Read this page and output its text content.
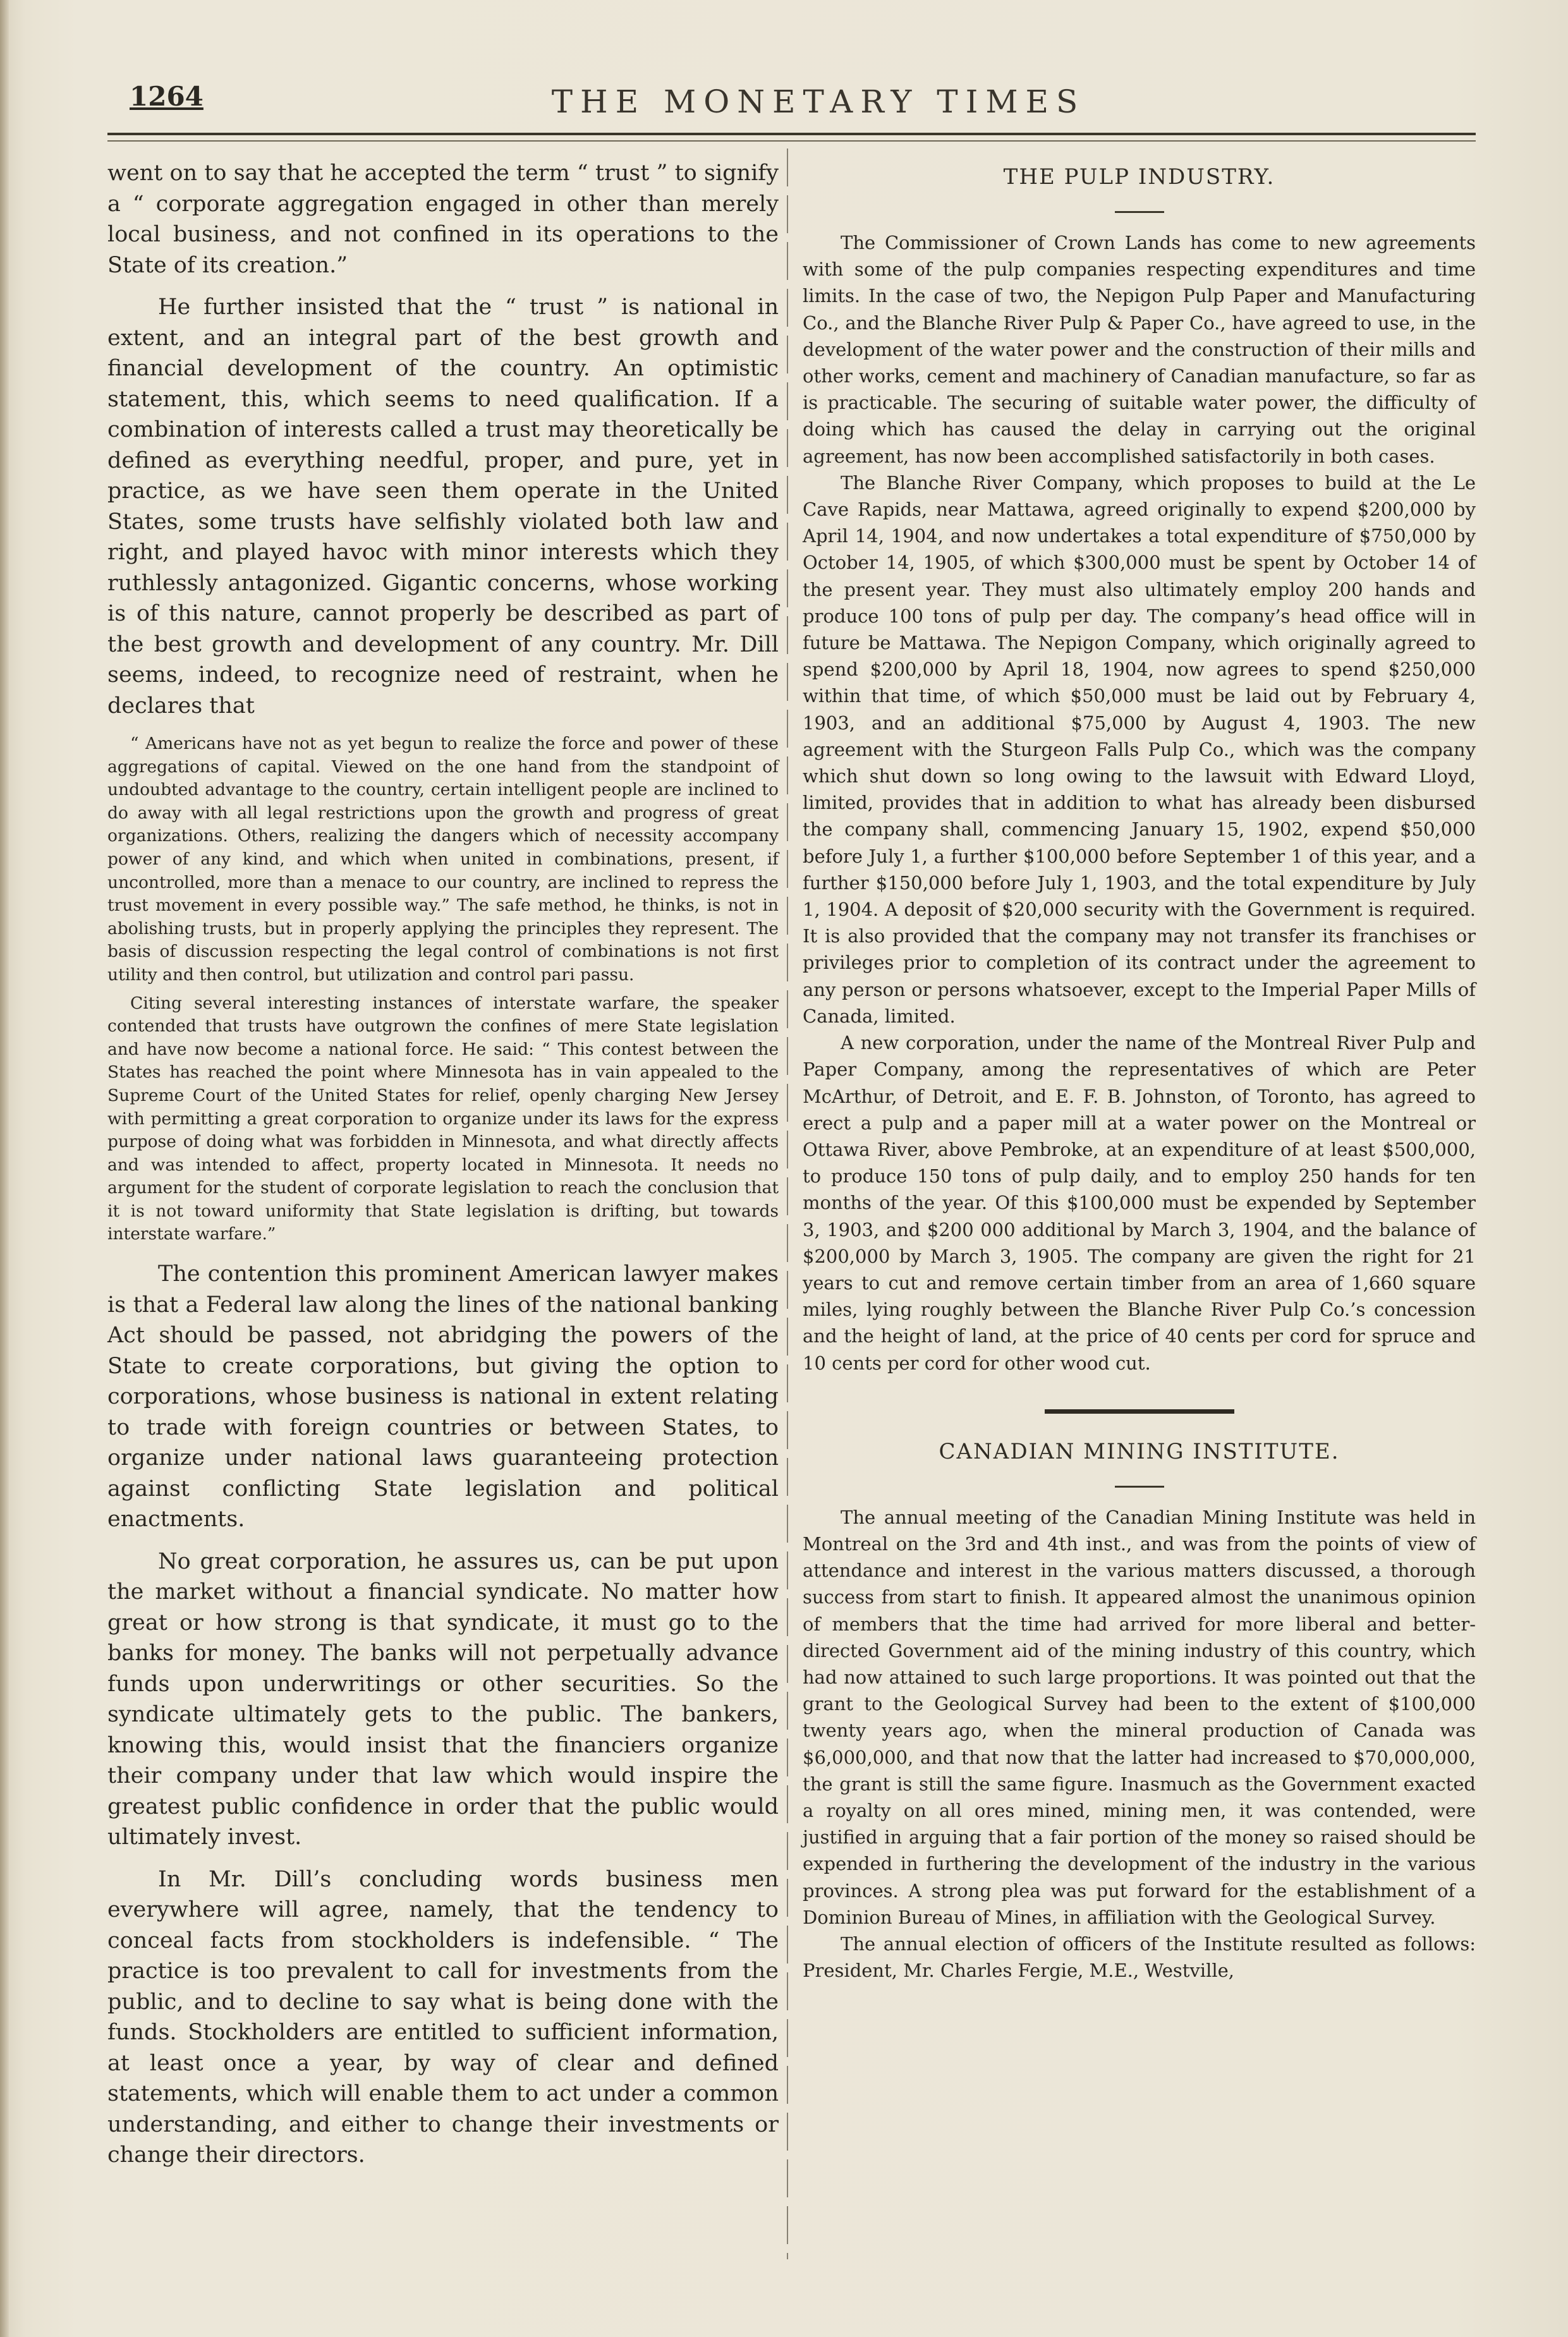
1264	THE MONETARY TIMES

went on to say that he accepted the term “ trust ” to signify a “ corporate aggregation engaged in other than merely local business, and not confined in its operations to the State of its creation.”

He further insisted that the “ trust ” is national in extent, and an integral part of the best growth and financial development of the country. An optimistic statement, this, which seems to need qualification. If a combination of interests called a trust may theoretically be defined as everything needful, proper, and pure, yet in practice, as we have seen them operate in the United States, some trusts have selfishly violated both law and right, and played havoc with minor interests which they ruthlessly antagonized. Gigantic concerns, whose working is of this nature, cannot properly be described as part of the best growth and development of any country. Mr. Dill seems, indeed, to recognize need of restraint, when he declares that

“ Americans have not as yet begun to realize the force and power of these aggregations of capital. Viewed on the one hand from the standpoint of undoubted advantage to the country, certain intelligent people are inclined to do away with all legal restrictions upon the growth and progress of great organizations. Others, realizing the dangers which of necessity accompany power of any kind, and which when united in combinations, present, if uncontrolled, more than a menace to our country, are inclined to repress the trust movement in every possible way.” The safe method, he thinks, is not in abolishing trusts, but in properly applying the principles they represent. The basis of discussion respecting the legal control of combinations is not first utility and then control, but utilization and control pari passu.

Citing several interesting instances of interstate warfare, the speaker contended that trusts have outgrown the confines of mere State legislation and have now become a national force. He said: “ This contest between the States has reached the point where Minnesota has in vain appealed to the Supreme Court of the United States for relief, openly charging New Jersey with permitting a great corporation to organize under its laws for the express purpose of doing what was forbidden in Minnesota, and what directly affects and was intended to affect, property located in Minnesota. It needs no argument for the student of corporate legislation to reach the conclusion that it is not toward uniformity that State legislation is drifting, but towards interstate warfare.”

The contention this prominent American lawyer makes is that a Federal law along the lines of the national banking Act should be passed, not abridging the powers of the State to create corporations, but giving the option to corporations, whose business is national in extent relating to trade with foreign countries or between States, to organize under national laws guaranteeing protection against conflicting State legislation and political enactments.

No great corporation, he assures us, can be put upon the market without a financial syndicate. No matter how great or how strong is that syndicate, it must go to the banks for money. The banks will not perpetually advance funds upon underwritings or other securities. So the syndicate ultimately gets to the public. The bankers, knowing this, would insist that the financiers organize their company under that law which would inspire the greatest public confidence in order that the public would ultimately invest.

In Mr. Dill’s concluding words business men everywhere will agree, namely, that the tendency to conceal facts from stockholders is indefensible. “ The practice is too prevalent to call for investments from the public, and to decline to say what is being done with the funds. Stockholders are entitled to sufficient information, at least once a year, by way of clear and defined statements, which will enable them to act under a common understanding, and either to change their investments or change their directors.

THE PULP INDUSTRY.

The Commissioner of Crown Lands has come to new agreements with some of the pulp companies respecting expenditures and time limits. In the case of two, the Nepigon Pulp Paper and Manufacturing Co., and the Blanche River Pulp & Paper Co., have agreed to use, in the development of the water power and the construction of their mills and other works, cement and machinery of Canadian manufacture, so far as is practicable. The securing of suitable water power, the difficulty of doing which has caused the delay in carrying out the original agreement, has now been accomplished satisfactorily in both cases.

The Blanche River Company, which proposes to build at the Le Cave Rapids, near Mattawa, agreed originally to expend $200,000 by April 14, 1904, and now undertakes a total expenditure of $750,000 by October 14, 1905, of which $300,000 must be spent by October 14 of the present year. They must also ultimately employ 200 hands and produce 100 tons of pulp per day. The company’s head office will in future be Mattawa. The Nepigon Company, which originally agreed to spend $200,000 by April 18, 1904, now agrees to spend $250,000 within that time, of which $50,000 must be laid out by February 4, 1903, and an additional $75,000 by August 4, 1903. The new agreement with the Sturgeon Falls Pulp Co., which was the company which shut down so long owing to the lawsuit with Edward Lloyd, limited, provides that in addition to what has already been disbursed the company shall, commencing January 15, 1902, expend $50,000 before July 1, a further $100,000 before September 1 of this year, and a further $150,000 before July 1, 1903, and the total expenditure by July 1, 1904. A deposit of $20,000 security with the Government is required. It is also provided that the company may not transfer its franchises or privileges prior to completion of its contract under the agreement to any person or persons whatsoever, except to the Imperial Paper Mills of Canada, limited.

A new corporation, under the name of the Montreal River Pulp and Paper Company, among the representatives of which are Peter McArthur, of Detroit, and E. F. B. Johnston, of Toronto, has agreed to erect a pulp and a paper mill at a water power on the Montreal or Ottawa River, above Pembroke, at an expenditure of at least $500,000, to produce 150 tons of pulp daily, and to employ 250 hands for ten months of the year. Of this $100,000 must be expended by September 3, 1903, and $200 000 additional by March 3, 1904, and the balance of $200,000 by March 3, 1905. The company are given the right for 21 years to cut and remove certain timber from an area of 1,660 square miles, lying roughly between the Blanche River Pulp Co.’s concession and the height of land, at the price of 40 cents per cord for spruce and 10 cents per cord for other wood cut.

CANADIAN MINING INSTITUTE.

The annual meeting of the Canadian Mining Institute was held in Montreal on the 3rd and 4th inst., and was from the points of view of attendance and interest in the various matters discussed, a thorough success from start to finish. It appeared almost the unanimous opinion of members that the time had arrived for more liberal and better-directed Government aid of the mining industry of this country, which had now attained to such large proportions. It was pointed out that the grant to the Geological Survey had been to the extent of $100,000 twenty years ago, when the mineral production of Canada was $6,000,000, and that now that the latter had increased to $70,000,000, the grant is still the same figure. Inasmuch as the Government exacted a royalty on all ores mined, mining men, it was contended, were justified in arguing that a fair portion of the money so raised should be expended in furthering the development of the industry in the various provinces. A strong plea was put forward for the establishment of a Dominion Bureau of Mines, in affiliation with the Geological Survey.

The annual election of officers of the Institute resulted as follows: President, Mr. Charles Fergie, M.E., Westville,
